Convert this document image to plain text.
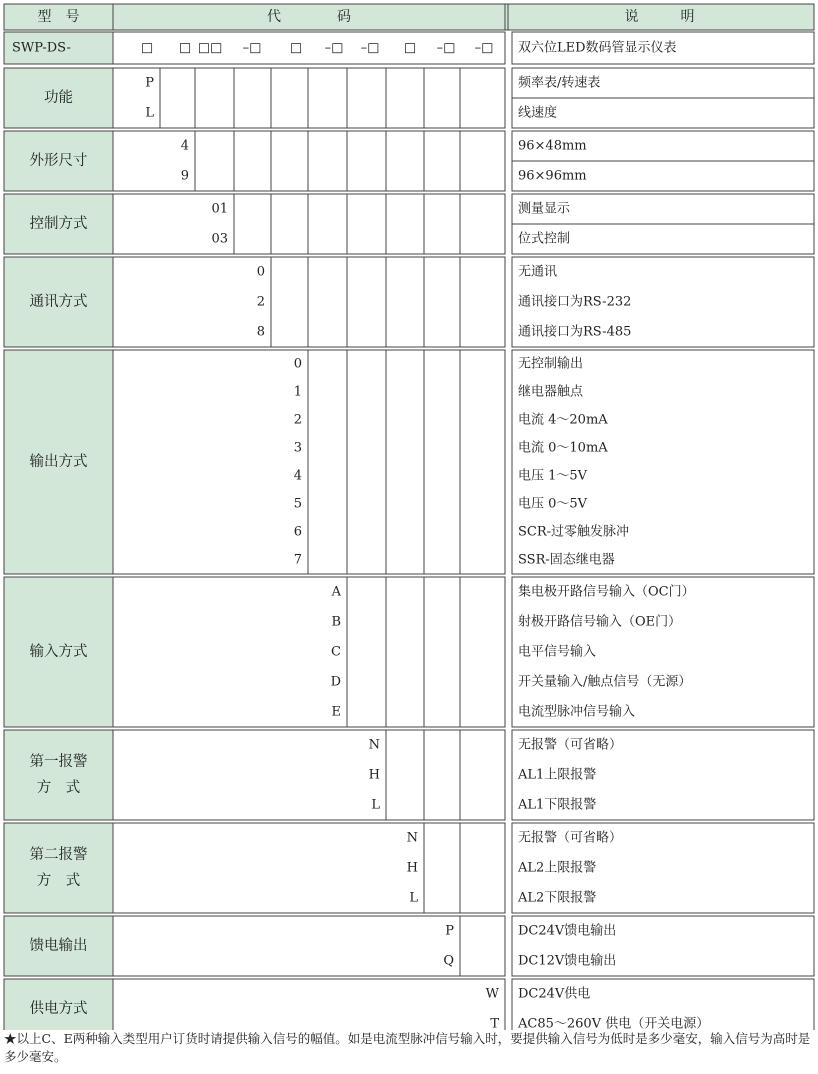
型　号	代　　　　码	说　　　明
SWP-DS-	双六位LED数码管显示仪表
□ □ □□ –□ □ –□ –□ □ –□ –□
功能
P	频率表/转速表
L	线速度
外形尺寸
4	96×48mm
9	96×96mm
控制方式
01	测量显示
03	位式控制
通讯方式
0	无通讯
2	通讯接口为RS-232
8	通讯接口为RS-485
输出方式
0	无控制输出
1	继电器触点
2	电流 4～20mA
3	电流 0～10mA
4	电压 1～5V
5	电压 0～5V
6	SCR-过零触发脉冲
7	SSR-固态继电器
输入方式
A	集电极开路信号输入（OC门）
B	射极开路信号输入（OE门）
C	电平信号输入
D	开关量输入/触点信号（无源）
E	电流型脉冲信号输入
第一报警
方　式
N	无报警（可省略）
H	AL1上限报警
L	AL1下限报警
第二报警
方　式
N	无报警（可省略）
H	AL2上限报警
L	AL2下限报警
馈电输出
P	DC24V馈电输出
Q	DC12V馈电输出
供电方式
W DC24V供电
T AC85～260V 供电（开关电源）
★以上C、E两种输入类型用户订货时请提供输入信号的幅值。如是电流型脉冲信号输入时，要提供输入信号为低时是多少毫安，输入信号为高时是多少毫安。
